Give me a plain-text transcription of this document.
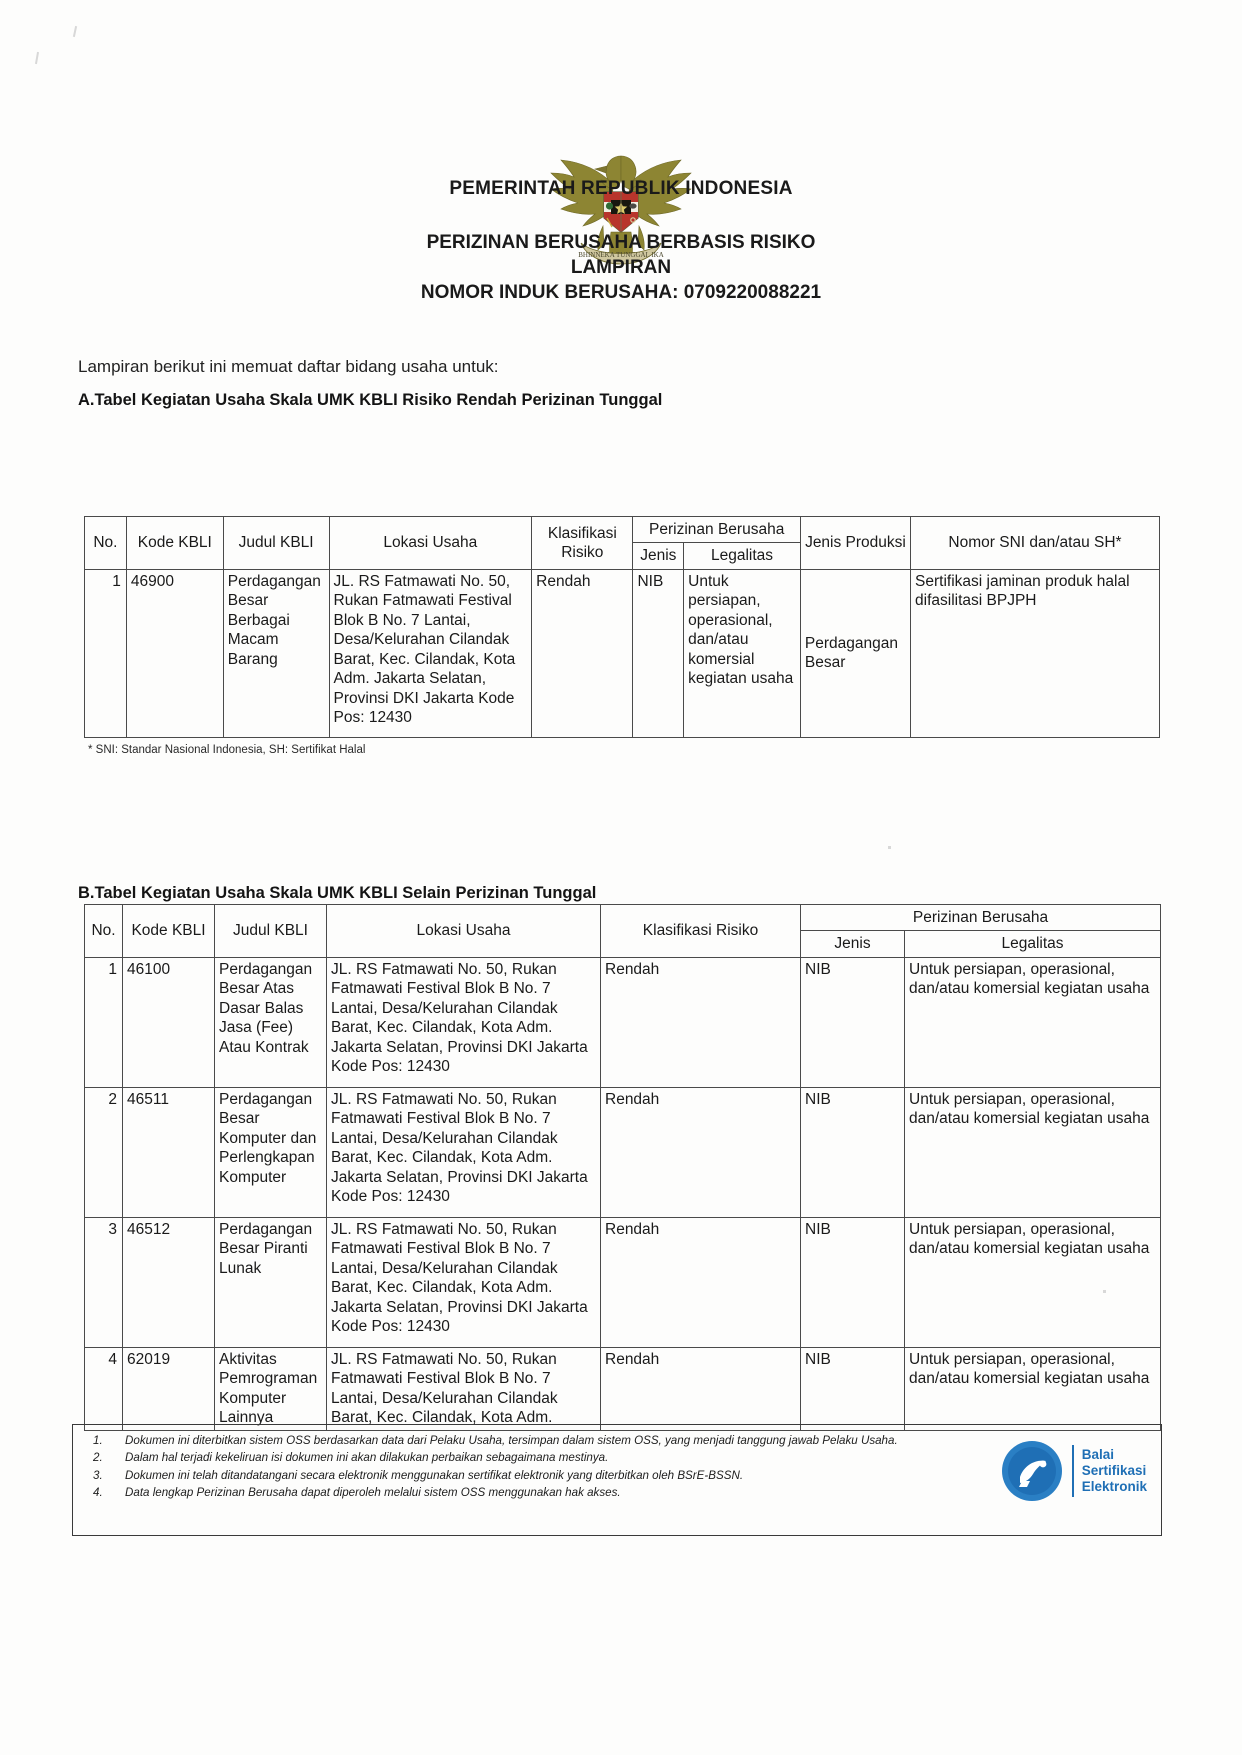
BHINNEKA TUNGGAL IKA
PEMERINTAH REPUBLIK INDONESIA
PERIZINAN BERUSAHA BERBASIS RISIKO
LAMPIRAN
NOMOR INDUK BERUSAHA: 0709220088221
Lampiran berikut ini memuat daftar bidang usaha untuk:
A.Tabel Kegiatan Usaha Skala UMK KBLI Risiko Rendah Perizinan Tunggal
No.	Kode KBLI	Judul KBLI	Lokasi Usaha	Klasifikasi Risiko	Perizinan Berusaha		Jenis Produksi	Nomor SNI dan/atau SH*
					Jenis	Legalitas		
1	46900	Perdagangan Besar Berbagai Macam Barang	JL. RS Fatmawati No. 50, Rukan Fatmawati Festival Blok B No. 7 Lantai, Desa/Kelurahan Cilandak Barat, Kec. Cilandak, Kota Adm. Jakarta Selatan, Provinsi DKI Jakarta Kode Pos: 12430	Rendah	NIB	Untuk persiapan, operasional, dan/atau komersial kegiatan usaha	Perdagangan Besar	Sertifikasi jaminan produk halal difasilitasi BPJPH
* SNI: Standar Nasional Indonesia, SH: Sertifikat Halal
B.Tabel Kegiatan Usaha Skala UMK KBLI Selain Perizinan Tunggal
No.	Kode KBLI	Judul KBLI	Lokasi Usaha	Klasifikasi Risiko	Perizinan Berusaha	
					Jenis	Legalitas
1	46100	Perdagangan Besar Atas Dasar Balas Jasa (Fee) Atau Kontrak	JL. RS Fatmawati No. 50, Rukan Fatmawati Festival Blok B No. 7 Lantai, Desa/Kelurahan Cilandak Barat, Kec. Cilandak, Kota Adm. Jakarta Selatan, Provinsi DKI Jakarta Kode Pos: 12430	Rendah	NIB	Untuk persiapan, operasional, dan/atau komersial kegiatan usaha
2	46511	Perdagangan Besar Komputer dan Perlengkapan Komputer	JL. RS Fatmawati No. 50, Rukan Fatmawati Festival Blok B No. 7 Lantai, Desa/Kelurahan Cilandak Barat, Kec. Cilandak, Kota Adm. Jakarta Selatan, Provinsi DKI Jakarta Kode Pos: 12430	Rendah	NIB	Untuk persiapan, operasional, dan/atau komersial kegiatan usaha
3	46512	Perdagangan Besar Piranti Lunak	JL. RS Fatmawati No. 50, Rukan Fatmawati Festival Blok B No. 7 Lantai, Desa/Kelurahan Cilandak Barat, Kec. Cilandak, Kota Adm. Jakarta Selatan, Provinsi DKI Jakarta Kode Pos: 12430	Rendah	NIB	Untuk persiapan, operasional, dan/atau komersial kegiatan usaha
4	62019	Aktivitas Pemrograman Komputer Lainnya	JL. RS Fatmawati No. 50, Rukan Fatmawati Festival Blok B No. 7 Lantai, Desa/Kelurahan Cilandak Barat, Kec. Cilandak, Kota Adm.	Rendah	NIB	Untuk persiapan, operasional, dan/atau komersial kegiatan usaha
Dokumen ini diterbitkan sistem OSS berdasarkan data dari Pelaku Usaha, tersimpan dalam sistem OSS, yang menjadi tanggung jawab Pelaku Usaha.
Dalam hal terjadi kekeliruan isi dokumen ini akan dilakukan perbaikan sebagaimana mestinya.
Dokumen ini telah ditandatangani secara elektronik menggunakan sertifikat elektronik yang diterbitkan oleh BSrE-BSSN.
Data lengkap Perizinan Berusaha dapat diperoleh melalui sistem OSS menggunakan hak akses.
Balai
Sertifikasi
Elektronik
